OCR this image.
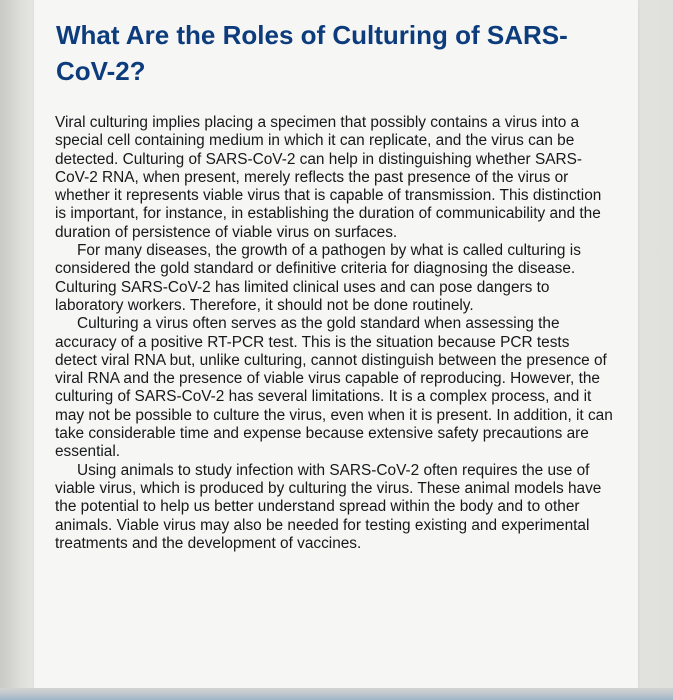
What Are the Roles of Culturing of SARS-CoV-2?

Viral culturing implies placing a specimen that possibly contains a virus into a special cell containing medium in which it can replicate, and the virus can be detected. Culturing of SARS-CoV-2 can help in distinguishing whether SARS-CoV-2 RNA, when present, merely reflects the past presence of the virus or whether it represents viable virus that is capable of transmission. This distinction is important, for instance, in establishing the duration of communicability and the duration of persistence of viable virus on surfaces.

For many diseases, the growth of a pathogen by what is called culturing is considered the gold standard or definitive criteria for diagnosing the disease. Culturing SARS-CoV-2 has limited clinical uses and can pose dangers to laboratory workers. Therefore, it should not be done routinely.

Culturing a virus often serves as the gold standard when assessing the accuracy of a positive RT-PCR test. This is the situation because PCR tests detect viral RNA but, unlike culturing, cannot distinguish between the presence of viral RNA and the presence of viable virus capable of reproducing. However, the culturing of SARS-CoV-2 has several limitations. It is a complex process, and it may not be possible to culture the virus, even when it is present. In addition, it can take considerable time and expense because extensive safety precautions are essential.

Using animals to study infection with SARS-CoV-2 often requires the use of viable virus, which is produced by culturing the virus. These animal models have the potential to help us better understand spread within the body and to other animals. Viable virus may also be needed for testing existing and experimental treatments and the development of vaccines.
